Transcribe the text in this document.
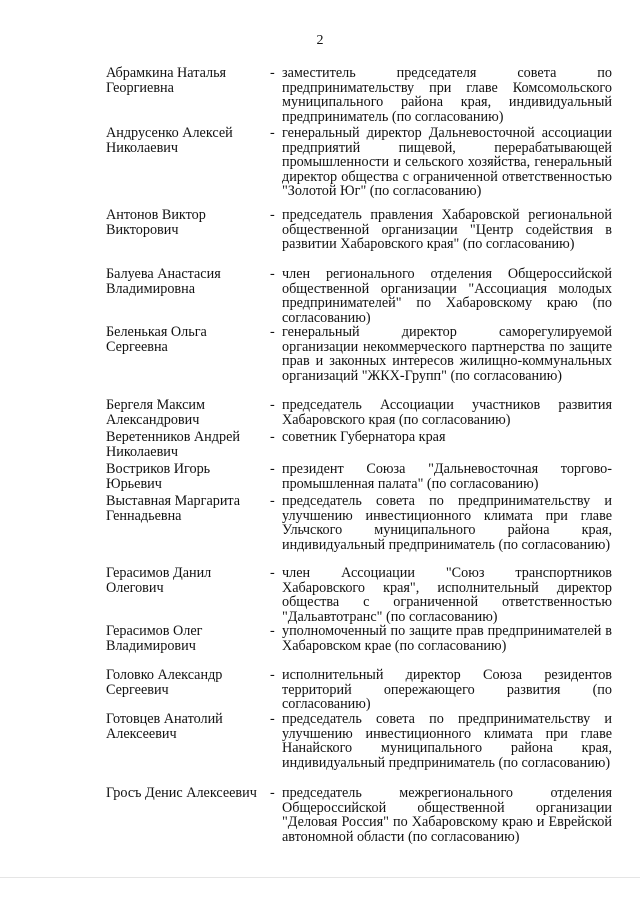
2
Абрамкина Наталья Георгиевна
- заместитель председателя совета по предпринимательству при главе Комсомольского муниципального района края, индивидуальный предприниматель (по согласованию)
Андрусенко Алексей Николаевич
- генеральный директор Дальневосточной ассоциации предприятий пищевой, перерабатывающей промышленности и сельского хозяйства, генеральный директор общества с ограниченной ответственностью "Золотой Юг" (по согласованию)
Антонов Виктор Викторович
- председатель правления Хабаровской региональной общественной организации "Центр содействия в развитии Хабаровского края" (по согласованию)
Балуева Анастасия Владимировна
- член регионального отделения Общероссийской общественной организации "Ассоциация молодых предпринимателей" по Хабаровскому краю (по согласованию)
Беленькая Ольга Сергеевна
- генеральный директор саморегулируемой организации некоммерческого партнерства по защите прав и законных интересов жилищно-коммунальных организаций "ЖКХ-Групп" (по согласованию)
Бергеля Максим Александрович
- председатель Ассоциации участников развития Хабаровского края (по согласованию)
Веретенников Андрей Николаевич
- советник Губернатора края
Востриков Игорь Юрьевич
- президент Союза "Дальневосточная торгово-промышленная палата" (по согласованию)
Выставная Маргарита Геннадьевна
- председатель совета по предпринимательству и улучшению инвестиционного климата при главе Ульчского муниципального района края, индивидуальный предприниматель (по согласованию)
Герасимов Данил Олегович
- член Ассоциации "Союз транспортников Хабаровского края", исполнительный директор общества с ограниченной ответственностью "Дальавтотранс" (по согласованию)
Герасимов Олег Владимирович
- уполномоченный по защите прав предпринимателей в Хабаровском крае (по согласованию)
Головко Александр Сергеевич
- исполнительный директор Союза резидентов территорий опережающего развития (по согласованию)
Готовцев Анатолий Алексеевич
- председатель совета по предпринимательству и улучшению инвестиционного климата при главе Нанайского муниципального района края, индивидуальный предприниматель (по согласованию)
Гросъ Денис Алексеевич - председатель межрегионального отделения Общероссийской общественной организации "Деловая Россия" по Хабаровскому краю и Еврейской автономной области (по согласованию)
